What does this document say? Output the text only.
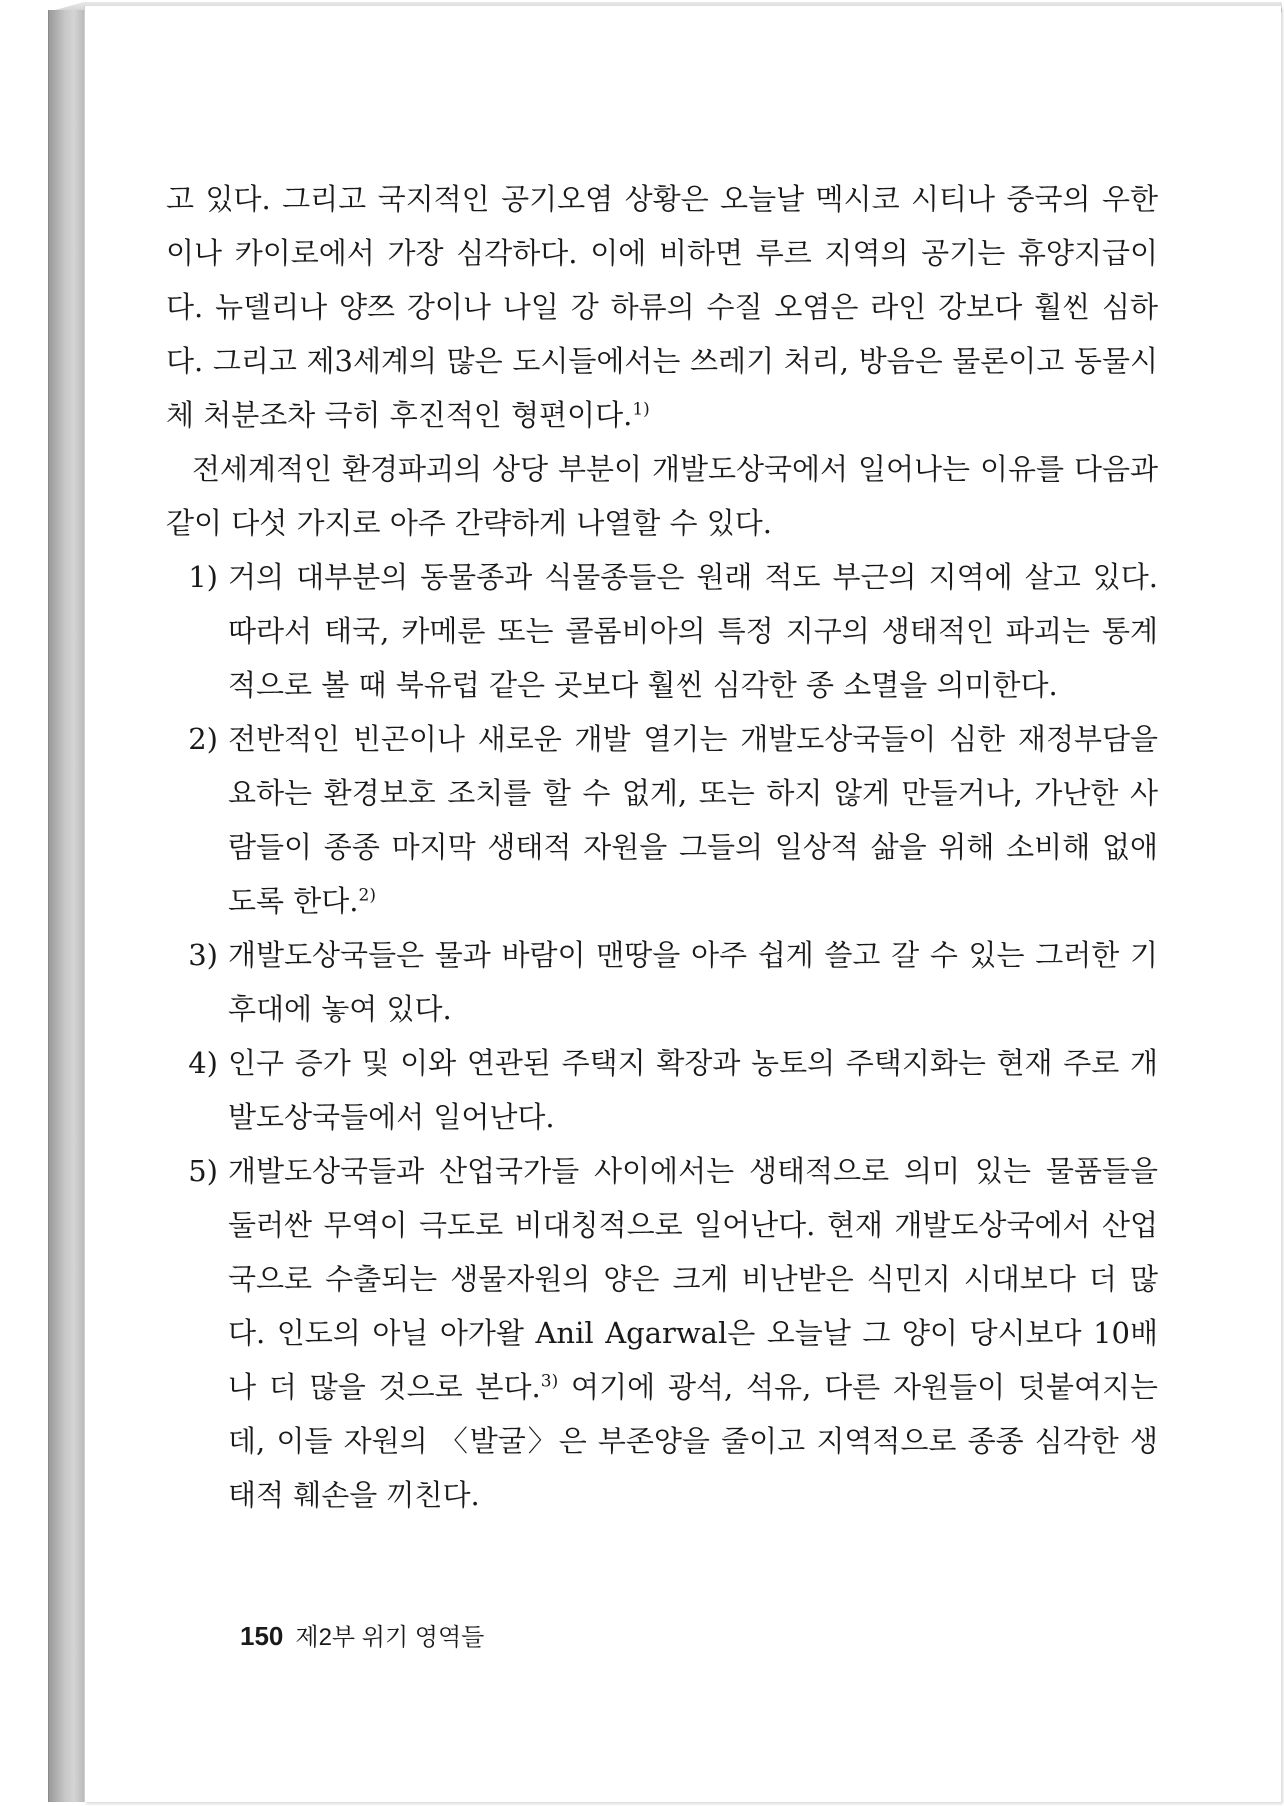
고 있다. 그리고 국지적인 공기오염 상황은 오늘날 멕시코 시티나 중국의 우한이나 카이로에서 가장 심각하다. 이에 비하면 루르 지역의 공기는 휴양지급이다. 뉴델리나 양쯔 강이나 나일 강 하류의 수질 오염은 라인 강보다 훨씬 심하다. 그리고 제3세계의 많은 도시들에서는 쓰레기 처리, 방음은 물론이고 동물시체 처분조차 극히 후진적인 형편이다.$^{1)}$

전세계적인 환경파괴의 상당 부분이 개발도상국에서 일어나는 이유를 다음과 같이 다섯 가지로 아주 간략하게 나열할 수 있다.

1) 거의 대부분의 동물종과 식물종들은 원래 적도 부근의 지역에 살고 있다. 따라서 태국, 카메룬 또는 콜롬비아의 특정 지구의 생태적인 파괴는 통계적으로 볼 때 북유럽 같은 곳보다 훨씬 심각한 종 소멸을 의미한다.
2) 전반적인 빈곤이나 새로운 개발 열기는 개발도상국들이 심한 재정부담을 요하는 환경보호 조치를 할 수 없게, 또는 하지 않게 만들거나, 가난한 사람들이 종종 마지막 생태적 자원을 그들의 일상적 삶을 위해 소비해 없애도록 한다.$^{2)}$
3) 개발도상국들은 물과 바람이 맨땅을 아주 쉽게 쓸고 갈 수 있는 그러한 기후대에 놓여 있다.
4) 인구 증가 및 이와 연관된 주택지 확장과 농토의 주택지화는 현재 주로 개발도상국들에서 일어난다.
5) 개발도상국들과 산업국가들 사이에서는 생태적으로 의미 있는 물품들을 둘러싼 무역이 극도로 비대칭적으로 일어난다. 현재 개발도상국에서 산업국으로 수출되는 생물자원의 양은 크게 비난받은 식민지 시대보다 더 많다. 인도의 아닐 아가왈 Anil Agarwal은 오늘날 그 양이 당시보다 10배나 더 많을 것으로 본다.$^{3)}$ 여기에 광석, 석유, 다른 자원들이 덧붙여지는데, 이들 자원의 〈발굴〉은 부존양을 줄이고 지역적으로 종종 심각한 생태적 훼손을 끼친다.
150 제2부 위기 영역들
